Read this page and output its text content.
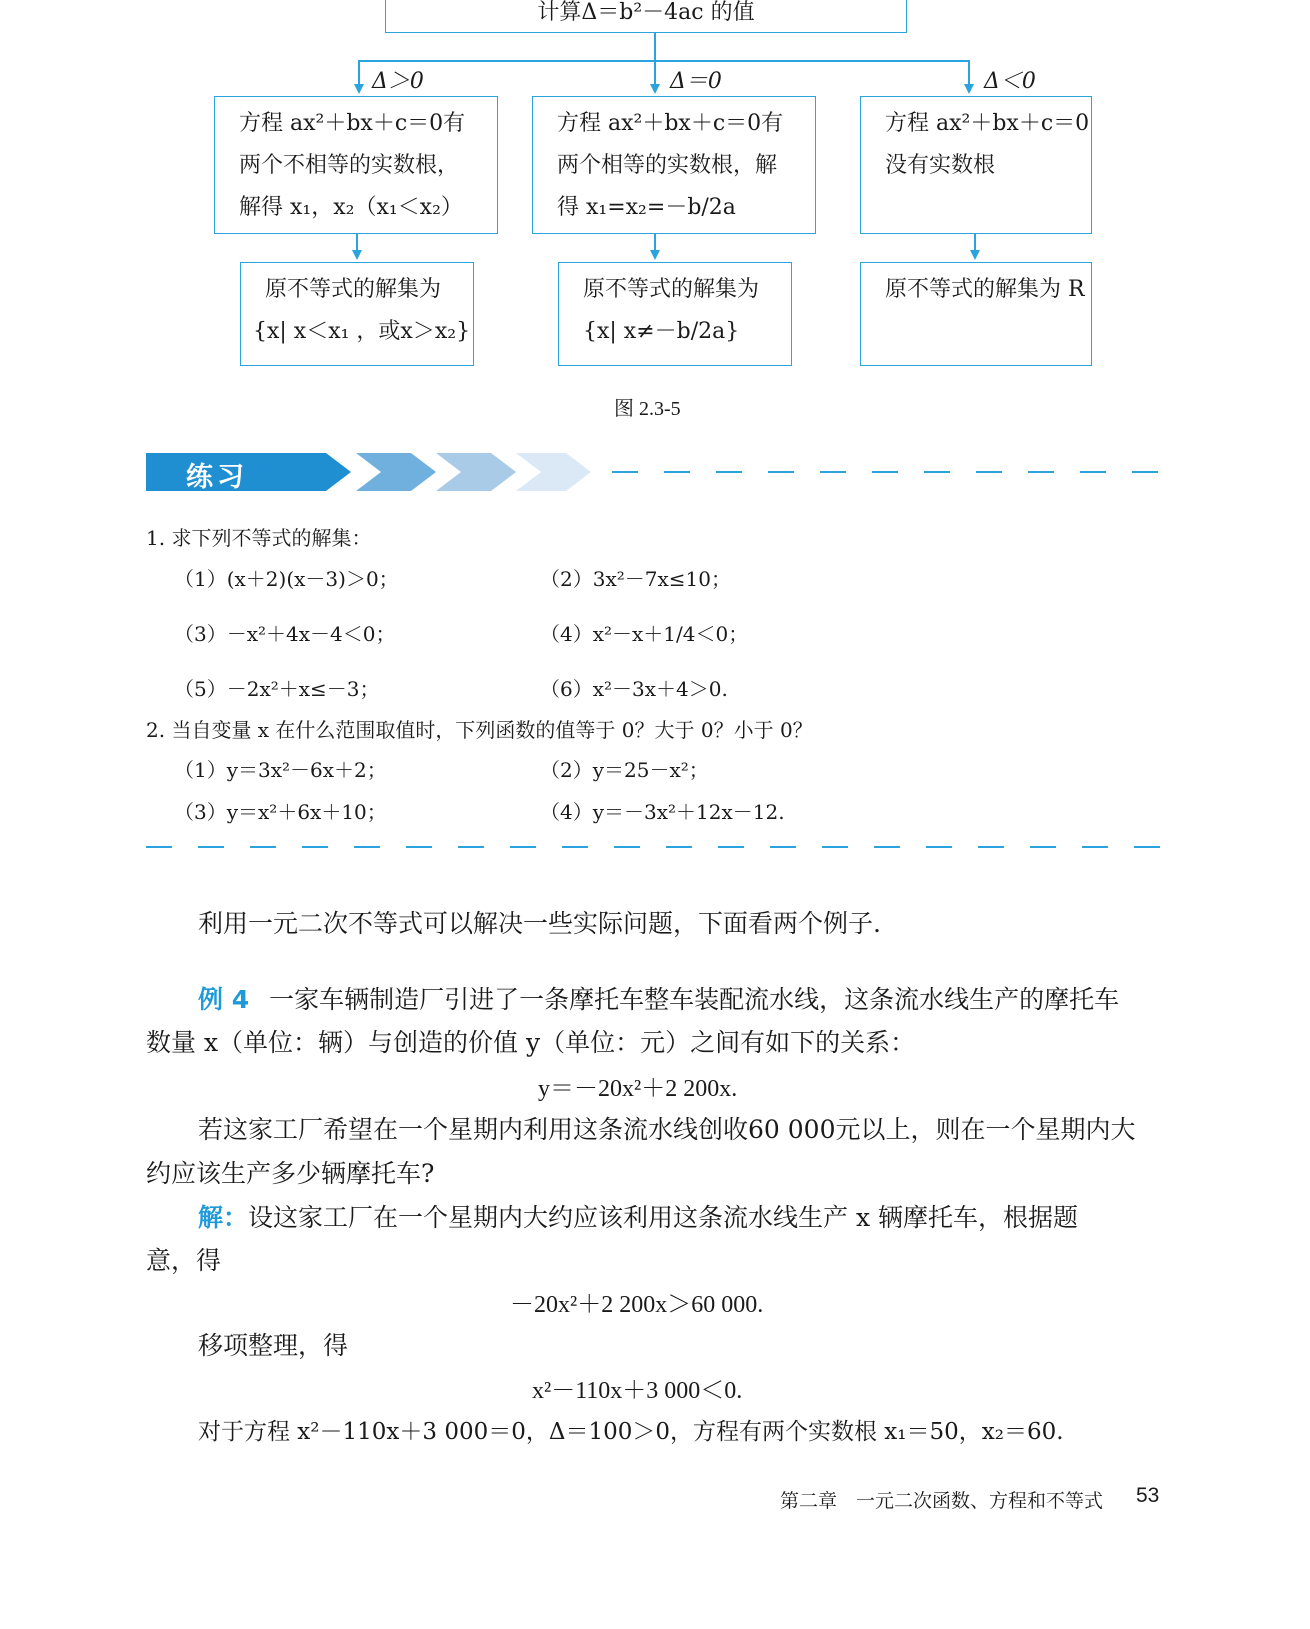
计算Δ＝b²－4ac 的值
Δ＞0	Δ＝0	Δ＜0
方程 ax²＋bx＋c＝0有
两个不相等的实数根，
解得 x₁，x₂（x₁＜x₂）
方程 ax²＋bx＋c＝0有
两个相等的实数根，解
得 x₁=x₂=－b/2a
方程 ax²＋bx＋c＝0
没有实数根
原不等式的解集为
{x| x＜x₁ ，或x＞x₂}
原不等式的解集为
{x| x≠－b/2a}
原不等式的解集为 R
图 2.3-5
练习
1. 求下列不等式的解集：
（1）(x＋2)(x－3)＞0；	（2）3x²－7x≤10；
（3）－x²＋4x－4＜0；	（4）x²－x＋1/4＜0；
（5）－2x²＋x≤－3；	（6）x²－3x＋4＞0.
2. 当自变量 x 在什么范围取值时，下列函数的值等于 0？大于 0？小于 0？
（1）y＝3x²－6x＋2；	（2）y＝25－x²；
（3）y＝x²＋6x＋10；	（4）y＝－3x²＋12x－12.
利用一元二次不等式可以解决一些实际问题，下面看两个例子.
例 4 一家车辆制造厂引进了一条摩托车整车装配流水线，这条流水线生产的摩托车
数量 x（单位：辆）与创造的价值 y（单位：元）之间有如下的关系：
y＝－20x²＋2 200x.
若这家工厂希望在一个星期内利用这条流水线创收60 000元以上，则在一个星期内大
约应该生产多少辆摩托车?
解：设这家工厂在一个星期内大约应该利用这条流水线生产 x 辆摩托车，根据题
意，得
－20x²＋2 200x＞60 000.
移项整理，得
x²－110x＋3 000＜0.
对于方程 x²－110x＋3 000＝0，Δ＝100＞0，方程有两个实数根 x₁＝50，x₂＝60.
第二章　一元二次函数、方程和不等式 53
